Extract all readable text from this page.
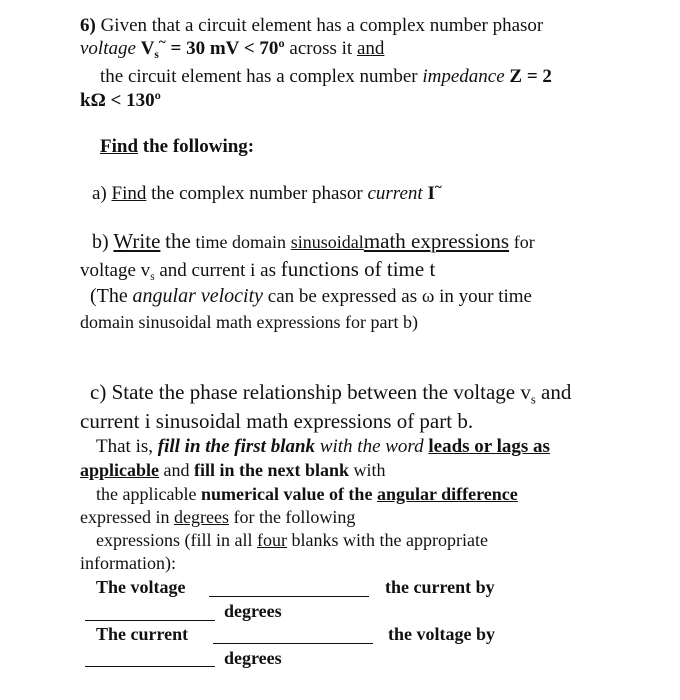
6) Given that a circuit element has a complex number phasor
voltage $V_s^\sim = 30$ mV < 70º across it and
the circuit element has a complex number impedance Z = 2
kΩ < 130º
Find the following:
a) Find the complex number phasor current I~
b) Write the time domain sinusoidalmath expressions for
voltage $v_s$ and current i as functions of time t
(The angular velocity can be expressed as ω in your time
domain sinusoidal math expressions for part b)
c) State the phase relationship between the voltage $v_s$ and
current i sinusoidal math expressions of part b.
That is, fill in the first blank with the word leads or lags as
applicable and fill in the next blank with
the applicable numerical value of the angular difference
expressed in degrees for the following
expressions (fill in all four blanks with the appropriate
information):
The voltage	the current by
degrees
The current	the voltage by
degrees
